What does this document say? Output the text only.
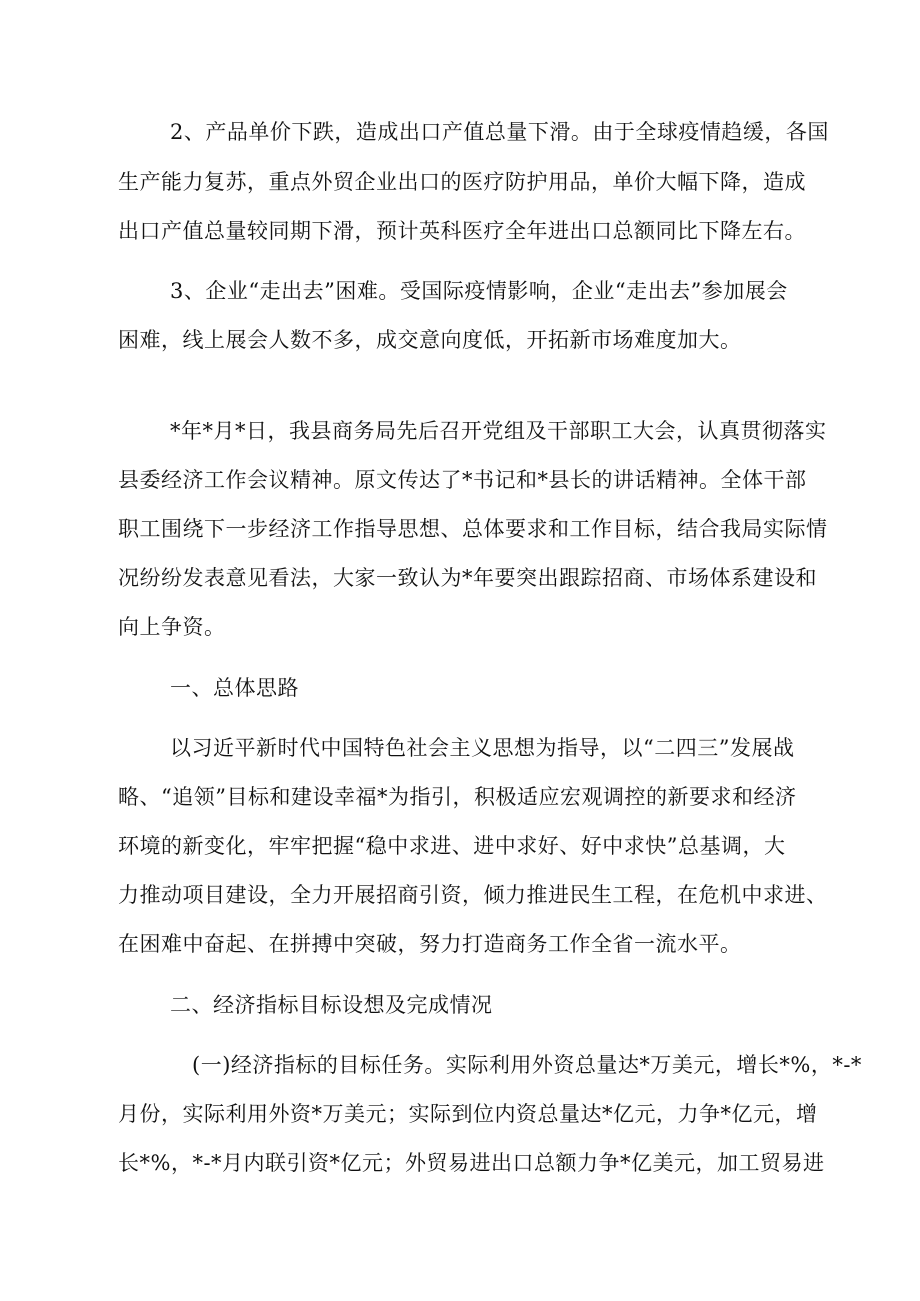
2、产品单价下跌，造成出口产值总量下滑。由于全球疫情趋缓，各国
生产能力复苏，重点外贸企业出口的医疗防护用品，单价大幅下降，造成
出口产值总量较同期下滑，预计英科医疗全年进出口总额同比下降左右。
3、企业“走出去”困难。受国际疫情影响，企业“走出去”参加展会
困难，线上展会人数不多，成交意向度低，开拓新市场难度加大。
*年*月*日，我县商务局先后召开党组及干部职工大会，认真贯彻落实
县委经济工作会议精神。原文传达了*书记和*县长的讲话精神。全体干部
职工围绕下一步经济工作指导思想、总体要求和工作目标，结合我局实际情
况纷纷发表意见看法，大家一致认为*年要突出跟踪招商、市场体系建设和
向上争资。
一、总体思路
以习近平新时代中国特色社会主义思想为指导，以“二四三”发展战
略、“追领”目标和建设幸福*为指引，积极适应宏观调控的新要求和经济
环境的新变化，牢牢把握“稳中求进、进中求好、好中求快”总基调，大
力推动项目建设，全力开展招商引资，倾力推进民生工程，在危机中求进、
在困难中奋起、在拼搏中突破，努力打造商务工作全省一流水平。
二、经济指标目标设想及完成情况
(一)经济指标的目标任务。实际利用外资总量达*万美元，增长*%，*-*
月份，实际利用外资*万美元；实际到位内资总量达*亿元，力争*亿元，增
长*%，*-*月内联引资*亿元；外贸易进出口总额力争*亿美元，加工贸易进
